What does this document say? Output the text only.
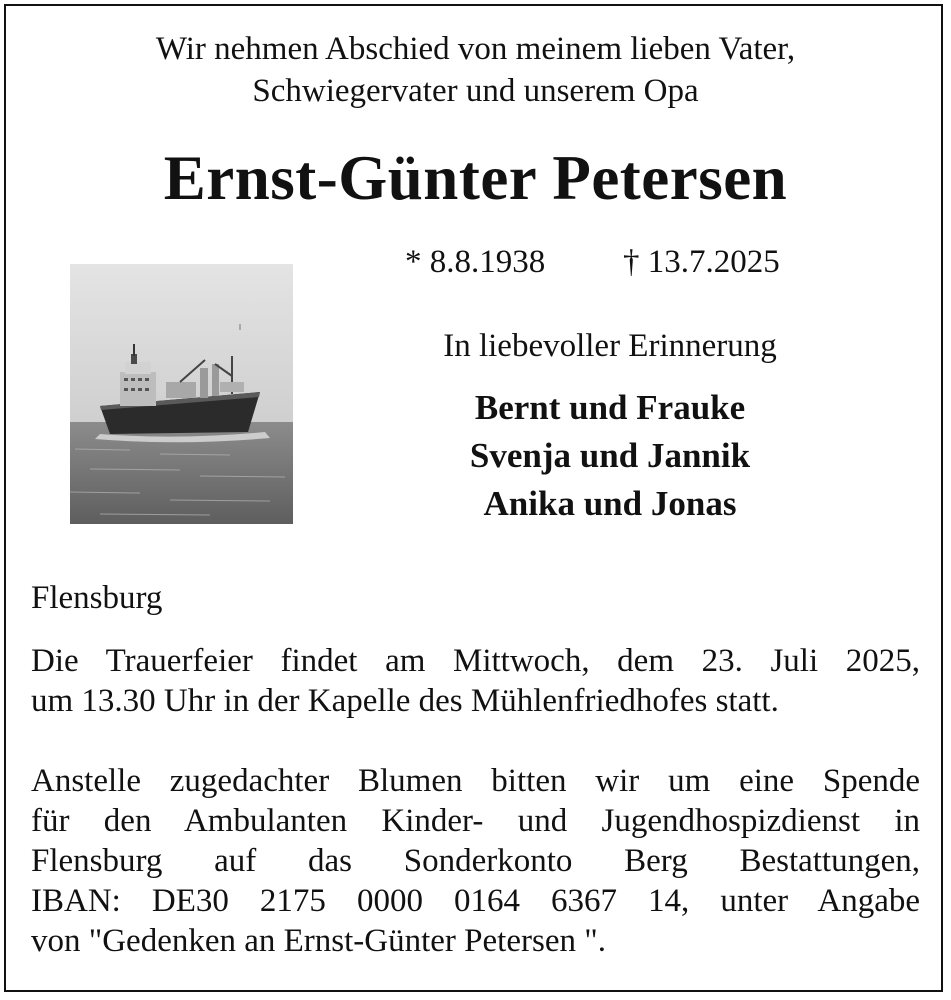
Wir nehmen Abschied von meinem lieben Vater,
Schwiegervater und unserem Opa
Ernst-Günter Petersen
* 8.8.1938 † 13.7.2025
In liebevoller Erinnerung
Bernt und Frauke
Svenja und Jannik
Anika und Jonas
Flensburg
Die Trauerfeier findet am Mittwoch, dem 23. Juli 2025,
um 13.30 Uhr in der Kapelle des Mühlenfriedhofes statt.
Anstelle zugedachter Blumen bitten wir um eine Spende
für den Ambulanten Kinder- und Jugendhospizdienst in
Flensburg auf das Sonderkonto Berg Bestattungen,
IBAN: DE30 2175 0000 0164 6367 14, unter Angabe
von "Gedenken an Ernst-Günter Petersen ".
